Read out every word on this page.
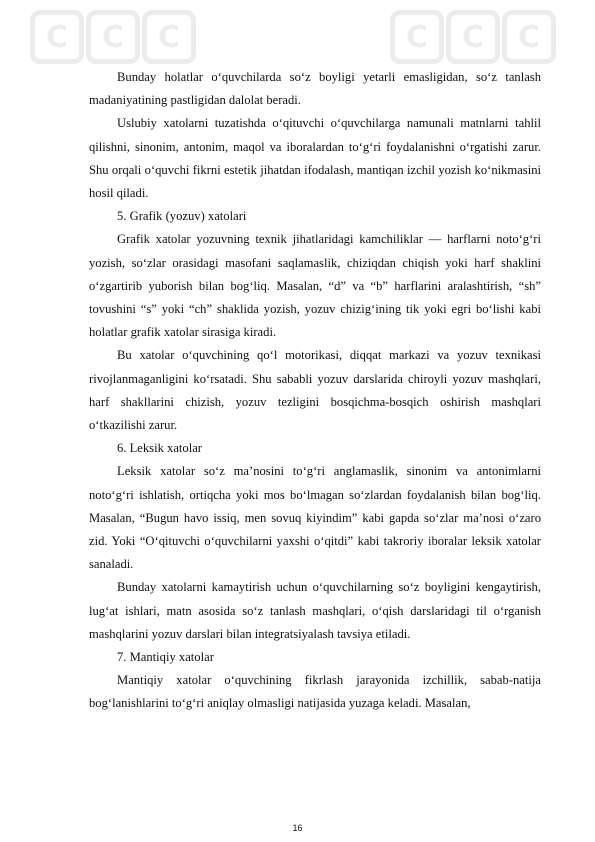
C	C	C	C	C	C

Bunday holatlar o‘quvchilarda so‘z boyligi yetarli emasligidan, so‘z tanlash madaniyatining pastligidan dalolat beradi.

Uslubiy xatolarni tuzatishda o‘qituvchi o‘quvchilarga namunali matnlarni tahlil qilishni, sinonim, antonim, maqol va iboralardan to‘g‘ri foydalanishni o‘rgatishi zarur. Shu orqali o‘quvchi fikrni estetik jihatdan ifodalash, mantiqan izchil yozish ko‘nikmasini hosil qiladi.

5. Grafik (yozuv) xatolari

Grafik xatolar yozuvning texnik jihatlaridagi kamchiliklar — harflarni noto‘g‘ri yozish, so‘zlar orasidagi masofani saqlamaslik, chiziqdan chiqish yoki harf shaklini o‘zgartirib yuborish bilan bog‘liq. Masalan, “d” va “b” harflarini aralashtirish, “sh” tovushini “s” yoki “ch” shaklida yozish, yozuv chizig‘ining tik yoki egri bo‘lishi kabi holatlar grafik xatolar sirasiga kiradi.

Bu xatolar o‘quvchining qo‘l motorikasi, diqqat markazi va yozuv texnikasi rivojlanmaganligini ko‘rsatadi. Shu sababli yozuv darslarida chiroyli yozuv mashqlari, harf shakllarini chizish, yozuv tezligini bosqichma-bosqich oshirish mashqlari o‘tkazilishi zarur.

6. Leksik xatolar

Leksik xatolar so‘z ma’nosini to‘g‘ri anglamaslik, sinonim va antonimlarni noto‘g‘ri ishlatish, ortiqcha yoki mos bo‘lmagan so‘zlardan foydalanish bilan bog‘liq. Masalan, “Bugun havo issiq, men sovuq kiyindim” kabi gapda so‘zlar ma’nosi o‘zaro zid. Yoki “O‘qituvchi o‘quvchilarni yaxshi o‘qitdi” kabi takroriy iboralar leksik xatolar sanaladi.

Bunday xatolarni kamaytirish uchun o‘quvchilarning so‘z boyligini kengaytirish, lug‘at ishlari, matn asosida so‘z tanlash mashqlari, o‘qish darslaridagi til o‘rganish mashqlarini yozuv darslari bilan integratsiyalash tavsiya etiladi.

7. Mantiqiy xatolar

Mantiqiy xatolar o‘quvchining fikrlash jarayonida izchillik, sabab-natija bog‘lanishlarini to‘g‘ri aniqlay olmasligi natijasida yuzaga keladi. Masalan,

16
